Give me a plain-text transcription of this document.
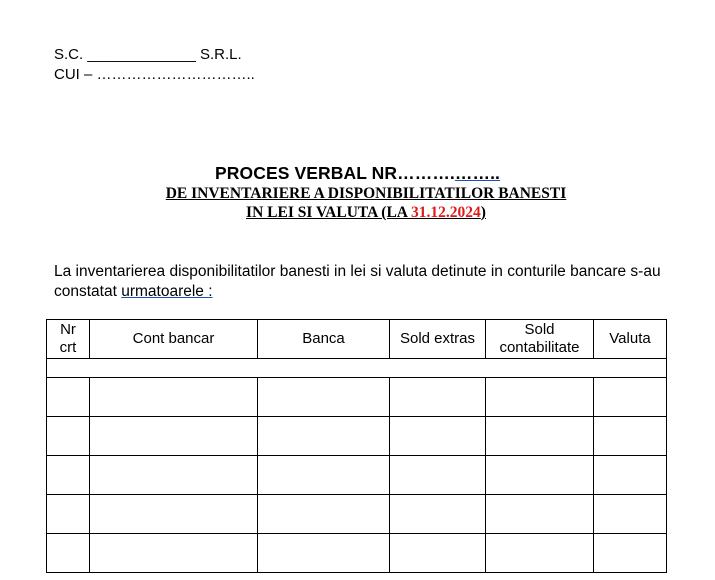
S.C. _____________ S.R.L.
CUI – …………………………..
PROCES VERBAL NR……….……..
DE INVENTARIERE A DISPONIBILITATILOR BANESTI
IN LEI SI VALUTA (LA 31.12.2024)
La inventarierea disponibilitatilor banesti in lei si valuta detinute in conturile bancare s-au constatat urmatoarele :
Nr crt	Cont bancar	Banca	Sold extras	Sold contabilitate	Valuta
